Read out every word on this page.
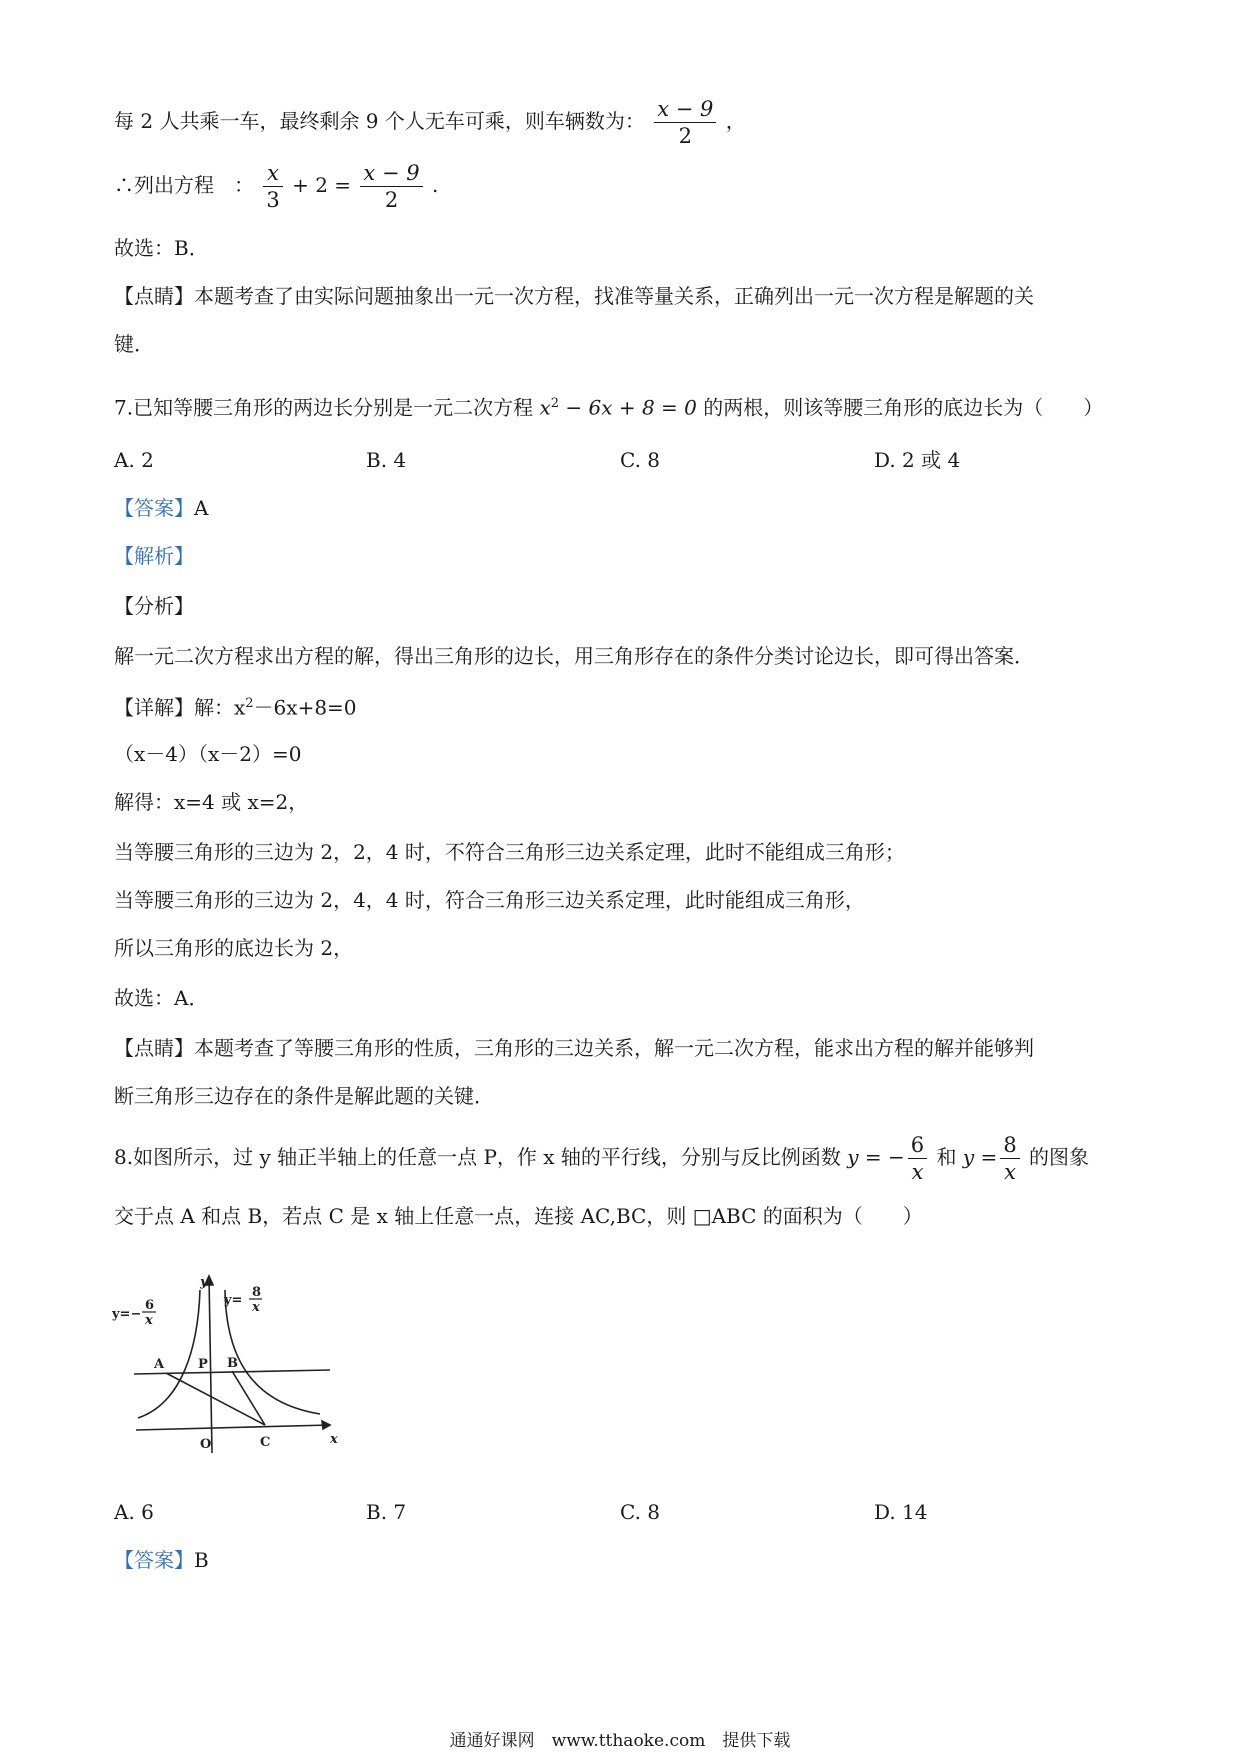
每 2 人共乘一车，最终剩余 9 个人无车可乘，则车辆数为： $\frac{x - 9}{2}$ ，
∴列出方程　： $\frac{x}{3} + 2 = \frac{x - 9}{2}$ .
故选：B．
【点睛】本题考查了由实际问题抽象出一元一次方程，找准等量关系，正确列出一元一次方程是解题的关
键．
7.已知等腰三角形的两边长分别是一元二次方程 $x^2 - 6x + 8 = 0$ 的两根，则该等腰三角形的底边长为（　　）
A. 2	B. 4	C. 8	D. 2 或 4
【答案】A
【解析】
【分析】
解一元二次方程求出方程的解，得出三角形的边长，用三角形存在的条件分类讨论边长，即可得出答案．
【详解】解：$x^2-6x+8=0$
（x－4）（x－2）=0
解得：x=4 或 x=2，
当等腰三角形的三边为 2，2，4 时，不符合三角形三边关系定理，此时不能组成三角形；
当等腰三角形的三边为 2，4，4 时，符合三角形三边关系定理，此时能组成三角形，
所以三角形的底边长为 2，
故选：A．
【点睛】本题考查了等腰三角形的性质，三角形的三边关系，解一元二次方程，能求出方程的解并能够判
断三角形三边存在的条件是解此题的关键．
8.如图所示，过 y 轴正半轴上的任意一点 P，作 x 轴的平行线，分别与反比例函数 y = − $\frac{6}{x}$ 和 $y = \frac{8}{x}$ 的图象
交于点 A 和点 B，若点 C 是 x 轴上任意一点，连接 AC,BC，则 □ABC 的面积为（　　）
y=−
6
x
y=
8
x
y
x
A	P B
O	C
A. 6	B. 7	C. 8	D. 14
【答案】B
通通好课网　www.tthaoke.com　提供下载
